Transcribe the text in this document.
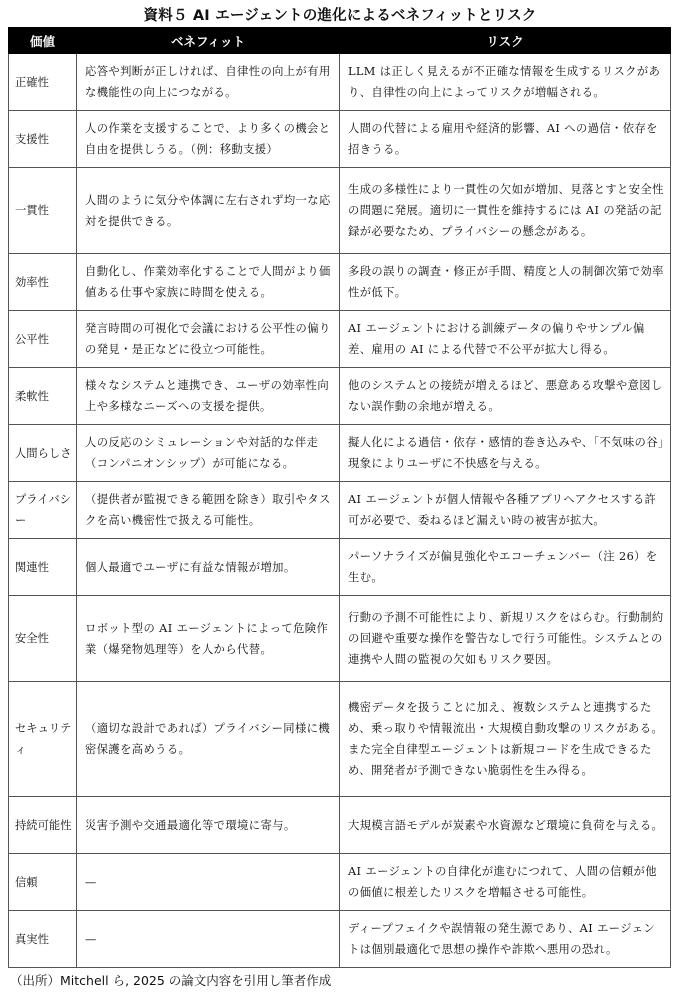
資料５ AI エージェントの進化によるベネフィットとリスク
価値	ベネフィット	リスク
正確性	応答や判断が正しければ、自律性の向上が有用な機能性の向上につながる。	LLM は正しく見えるが不正確な情報を生成するリスクがあり、自律性の向上によってリスクが増幅される。
支援性	人の作業を支援することで、より多くの機会と自由を提供しうる。（例：移動支援）	人間の代替による雇用や経済的影響、AI への過信・依存を招きうる。
一貫性	人間のように気分や体調に左右されず均一な応対を提供できる。	生成の多様性により一貫性の欠如が増加、見落とすと安全性の問題に発展。適切に一貫性を維持するには AI の発話の記録が必要なため、プライバシーの懸念がある。
効率性	自動化し、作業効率化することで人間がより価値ある仕事や家族に時間を使える。	多段の誤りの調査・修正が手間、精度と人の制御次第で効率性が低下。
公平性	発言時間の可視化で会議における公平性の偏りの発見・是正などに役立つ可能性。	AI エージェントにおける訓練データの偏りやサンプル偏差、雇用の AI による代替で不公平が拡大し得る。
柔軟性	様々なシステムと連携でき、ユーザの効率性向上や多様なニーズへの支援を提供。	他のシステムとの接続が増えるほど、悪意ある攻撃や意図しない誤作動の余地が増える。
人間らしさ	人の反応のシミュレーションや対話的な伴走（コンパニオンシップ）が可能になる。	擬人化による過信・依存・感情的巻き込みや、「不気味の谷」現象によりユーザに不快感を与える。
プライバシー	（提供者が監視できる範囲を除き）取引やタスクを高い機密性で扱える可能性。	AI エージェントが個人情報や各種アプリへアクセスする許可が必要で、委ねるほど漏えい時の被害が拡大。
関連性	個人最適でユーザに有益な情報が増加。	パーソナライズが偏見強化やエコーチェンバー（注 26）を生む。
安全性	ロボット型の AI エージェントによって危険作業（爆発物処理等）を人から代替。	行動の予測不可能性により、新規リスクをはらむ。行動制約の回避や重要な操作を警告なしで行う可能性。システムとの連携や人間の監視の欠如もリスク要因。
セキュリティ	（適切な設計であれば）プライバシー同様に機密保護を高めうる。	機密データを扱うことに加え、複数システムと連携するため、乗っ取りや情報流出・大規模自動攻撃のリスクがある。また完全自律型エージェントは新規コードを生成できるため、開発者が予測できない脆弱性を生み得る。
持続可能性	災害予測や交通最適化等で環境に寄与。	大規模言語モデルが炭素や水資源など環境に負荷を与える。
信頼	—	AI エージェントの自律化が進むにつれて、人間の信頼が他の価値に根差したリスクを増幅させる可能性。
真実性	—	ディープフェイクや誤情報の発生源であり、AI エージェントは個別最適化で思想の操作や詐欺へ悪用の恐れ。
（出所）Mitchell ら, 2025 の論文内容を引用し筆者作成
